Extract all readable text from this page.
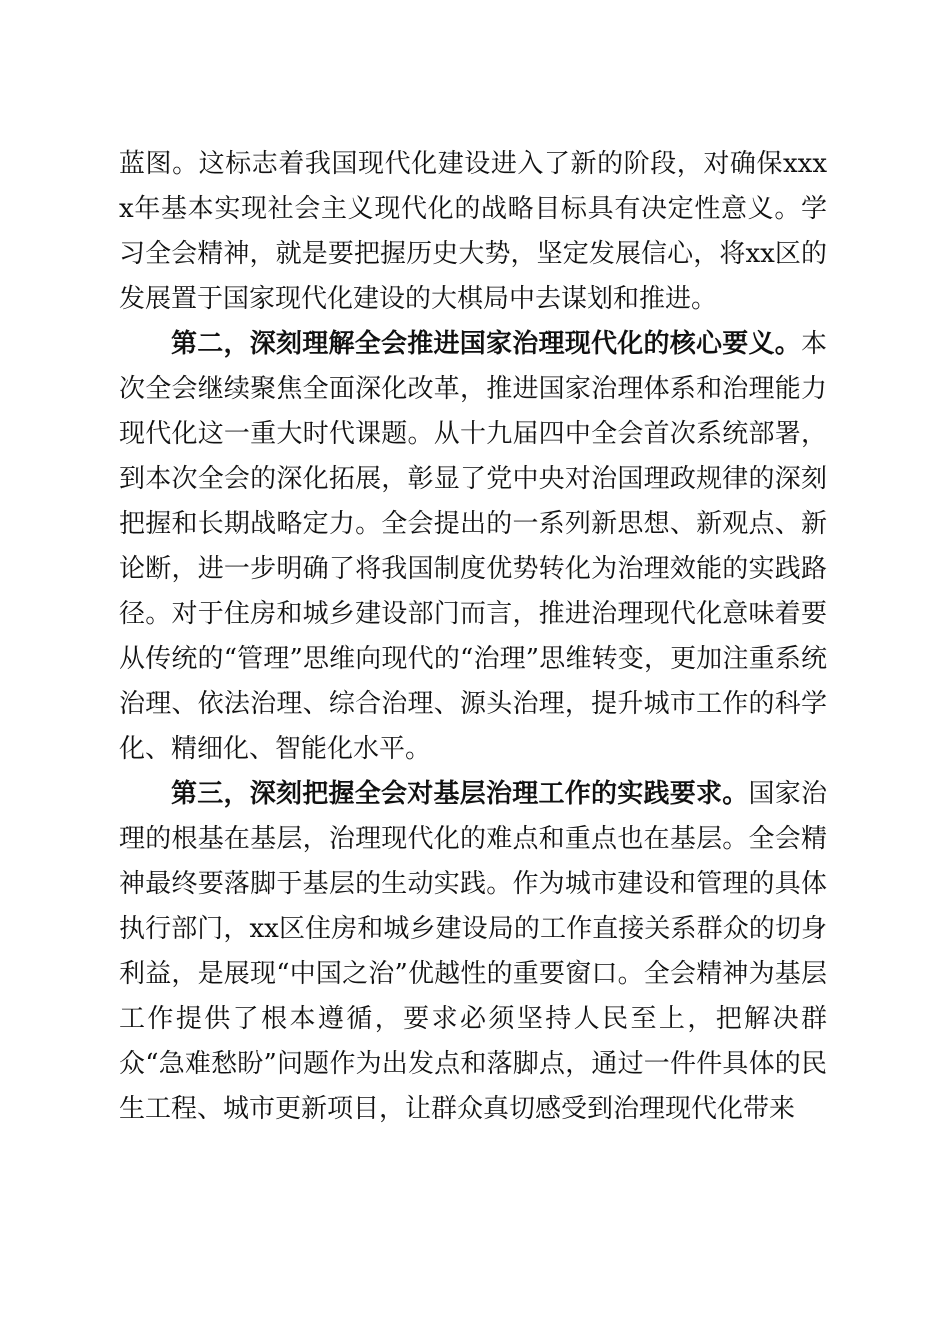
蓝图。这标志着我国现代化建设进入了新的阶段，对确保xxxx年基本实现社会主义现代化的战略目标具有决定性意义。学习全会精神，就是要把握历史大势，坚定发展信心，将xx区的发展置于国家现代化建设的大棋局中去谋划和推进。

第二，深刻理解全会推进国家治理现代化的核心要义。本次全会继续聚焦全面深化改革，推进国家治理体系和治理能力现代化这一重大时代课题。从十九届四中全会首次系统部署，到本次全会的深化拓展，彰显了党中央对治国理政规律的深刻把握和长期战略定力。全会提出的一系列新思想、新观点、新论断，进一步明确了将我国制度优势转化为治理效能的实践路径。对于住房和城乡建设部门而言，推进治理现代化意味着要从传统的“管理”思维向现代的“治理”思维转变，更加注重系统治理、依法治理、综合治理、源头治理，提升城市工作的科学化、精细化、智能化水平。

第三，深刻把握全会对基层治理工作的实践要求。国家治理的根基在基层，治理现代化的难点和重点也在基层。全会精神最终要落脚于基层的生动实践。作为城市建设和管理的具体执行部门，xx区住房和城乡建设局的工作直接关系群众的切身利益，是展现“中国之治”优越性的重要窗口。全会精神为基层工作提供了根本遵循，要求必须坚持人民至上，把解决群众“急难愁盼”问题作为出发点和落脚点，通过一件件具体的民生工程、城市更新项目，让群众真切感受到治理现代化带来
